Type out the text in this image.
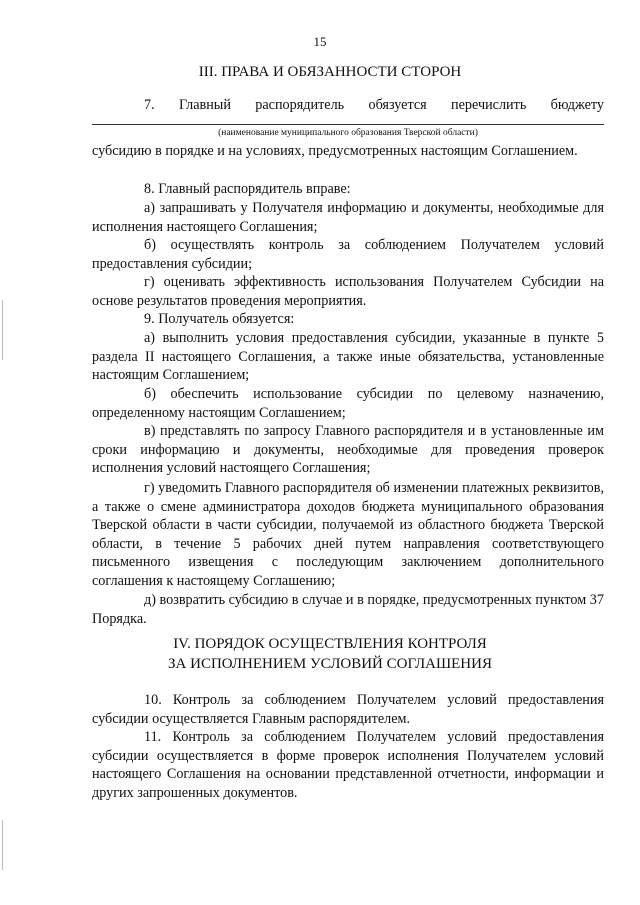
15
III. ПРАВА И ОБЯЗАННОСТИ СТОРОН
7. Главный распорядитель обязуется перечислить бюджету
(наименование муниципального образования Тверской области)
субсидию в порядке и на условиях, предусмотренных настоящим Соглашением.
8. Главный распорядитель вправе:
а) запрашивать у Получателя информацию и документы, необходимые для исполнения настоящего Соглашения;
б) осуществлять контроль за соблюдением Получателем условий предоставления субсидии;
г) оценивать эффективность использования Получателем Субсидии на основе результатов проведения мероприятия.
9. Получатель обязуется:
а) выполнить условия предоставления субсидии, указанные в пункте 5 раздела II настоящего Соглашения, а также иные обязательства, установленные настоящим Соглашением;
б) обеспечить использование субсидии по целевому назначению, определенному настоящим Соглашением;
в) представлять по запросу Главного распорядителя и в установленные им сроки информацию и документы, необходимые для проведения проверок исполнения условий настоящего Соглашения;
г) уведомить Главного распорядителя об изменении платежных реквизитов, а также о смене администратора доходов бюджета муниципального образования Тверской области в части субсидии, получаемой из областного бюджета Тверской области, в течение 5 рабочих дней путем направления соответствующего письменного извещения с последующим заключением дополнительного соглашения к настоящему Соглашению;
д) возвратить субсидию в случае и в порядке, предусмотренных пунктом 37 Порядка.
IV. ПОРЯДОК ОСУЩЕСТВЛЕНИЯ КОНТРОЛЯ
ЗА ИСПОЛНЕНИЕМ УСЛОВИЙ СОГЛАШЕНИЯ
10. Контроль за соблюдением Получателем условий предоставления субсидии осуществляется Главным распорядителем.
11. Контроль за соблюдением Получателем условий предоставления субсидии осуществляется в форме проверок исполнения Получателем условий настоящего Соглашения на основании представленной отчетности, информации и других запрошенных документов.
